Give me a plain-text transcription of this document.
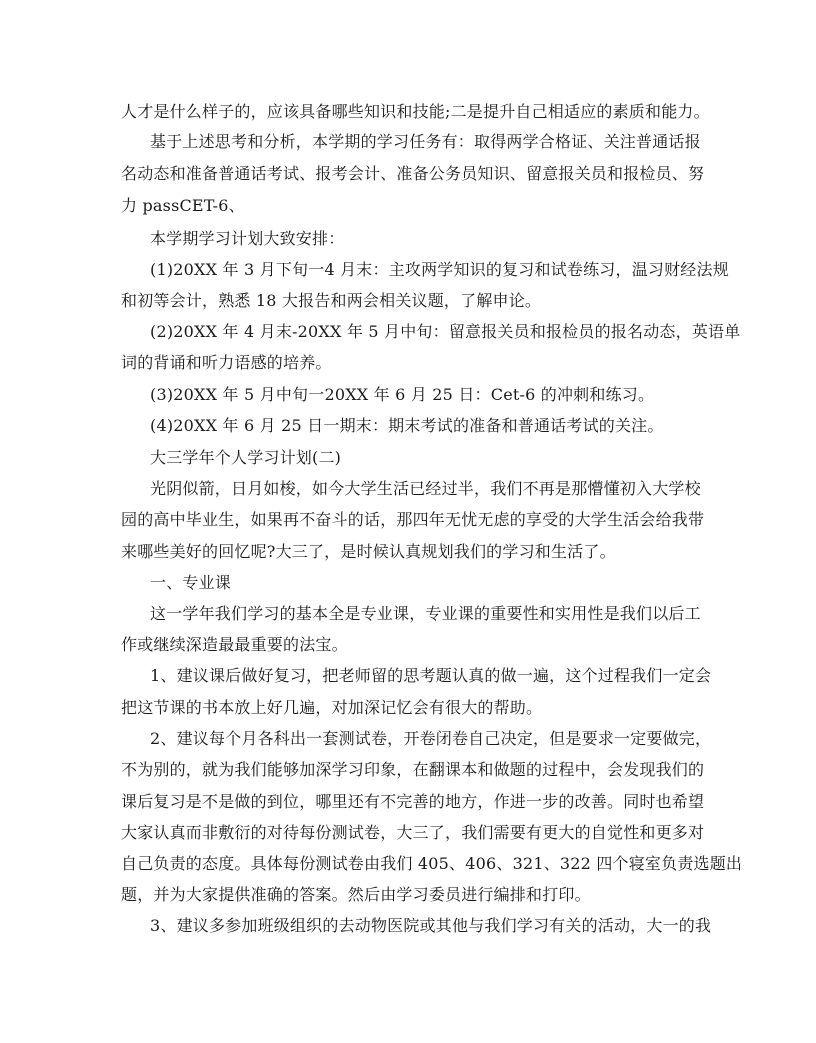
人才是什么样子的，应该具备哪些知识和技能;二是提升自己相适应的素质和能力。
基于上述思考和分析，本学期的学习任务有：取得两学合格证、关注普通话报
名动态和准备普通话考试、报考会计、准备公务员知识、留意报关员和报检员、努
力 passCET-6、
本学期学习计划大致安排：
(1)20XX 年 3 月下旬一4 月末：主攻两学知识的复习和试卷练习，温习财经法规
和初等会计，熟悉 18 大报告和两会相关议题，了解申论。
(2)20XX 年 4 月末-20XX 年 5 月中旬：留意报关员和报检员的报名动态，英语单
词的背诵和听力语感的培养。
(3)20XX 年 5 月中旬一20XX 年 6 月 25 日：Cet-6 的冲刺和练习。
(4)20XX 年 6 月 25 日一期末：期末考试的准备和普通话考试的关注。
大三学年个人学习计划(二)
光阴似箭，日月如梭，如今大学生活已经过半，我们不再是那懵懂初入大学校
园的高中毕业生，如果再不奋斗的话，那四年无忧无虑的享受的大学生活会给我带
来哪些美好的回忆呢?大三了，是时候认真规划我们的学习和生活了。
一、专业课
这一学年我们学习的基本全是专业课，专业课的重要性和实用性是我们以后工
作或继续深造最最重要的法宝。
1、建议课后做好复习，把老师留的思考题认真的做一遍，这个过程我们一定会
把这节课的书本放上好几遍，对加深记忆会有很大的帮助。
2、建议每个月各科出一套测试卷，开卷闭卷自己决定，但是要求一定要做完，
不为别的，就为我们能够加深学习印象，在翻课本和做题的过程中，会发现我们的
课后复习是不是做的到位，哪里还有不完善的地方，作进一步的改善。同时也希望
大家认真而非敷衍的对待每份测试卷，大三了，我们需要有更大的自觉性和更多对
自己负责的态度。具体每份测试卷由我们 405、406、321、322 四个寝室负责选题出
题，并为大家提供准确的答案。然后由学习委员进行编排和打印。
3、建议多参加班级组织的去动物医院或其他与我们学习有关的活动，大一的我
